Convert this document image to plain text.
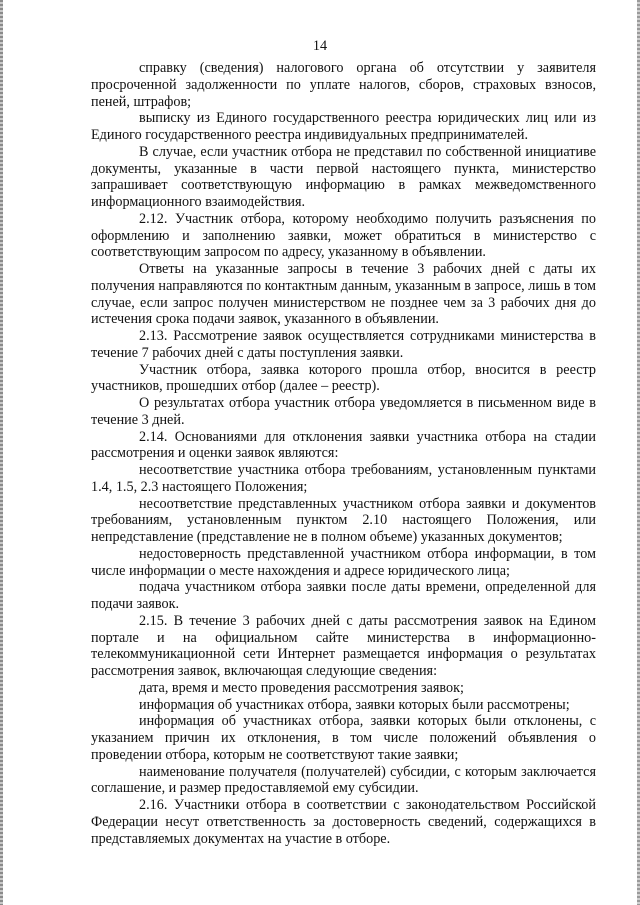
14

справку (сведения) налогового органа об отсутствии у заявителя просроченной задолженности по уплате налогов, сборов, страховых взносов, пеней, штрафов;

выписку из Единого государственного реестра юридических лиц или из Единого государственного реестра индивидуальных предпринимателей.

В случае, если участник отбора не представил по собственной инициативе документы, указанные в части первой настоящего пункта, министерство запрашивает соответствующую информацию в рамках межведомственного информационного взаимодействия.

2.12. Участник отбора, которому необходимо получить разъяснения по оформлению и заполнению заявки, может обратиться в министерство с соответствующим запросом по адресу, указанному в объявлении.

Ответы на указанные запросы в течение 3 рабочих дней с даты их получения направляются по контактным данным, указанным в запросе, лишь в том случае, если запрос получен министерством не позднее чем за 3 рабочих дня до истечения срока подачи заявок, указанного в объявлении.

2.13. Рассмотрение заявок осуществляется сотрудниками министерства в течение 7 рабочих дней с даты поступления заявки.

Участник отбора, заявка которого прошла отбор, вносится в реестр участников, прошедших отбор (далее – реестр).

О результатах отбора участник отбора уведомляется в письменном виде в течение 3 дней.

2.14. Основаниями для отклонения заявки участника отбора на стадии рассмотрения и оценки заявок являются:

несоответствие участника отбора требованиям, установленным пунктами 1.4, 1.5, 2.3 настоящего Положения;

несоответствие представленных участником отбора заявки и документов требованиям, установленным пунктом 2.10 настоящего Положения, или непредставление (представление не в полном объеме) указанных документов;

недостоверность представленной участником отбора информации, в том числе информации о месте нахождения и адресе юридического лица;

подача участником отбора заявки после даты времени, определенной для подачи заявок.

2.15. В течение 3 рабочих дней с даты рассмотрения заявок на Едином портале и на официальном сайте министерства в информационно-телекоммуникационной сети Интернет размещается информация о результатах рассмотрения заявок, включающая следующие сведения:

дата, время и место проведения рассмотрения заявок;

информация об участниках отбора, заявки которых были рассмотрены;

информация об участниках отбора, заявки которых были отклонены, с указанием причин их отклонения, в том числе положений объявления о проведении отбора, которым не соответствуют такие заявки;

наименование получателя (получателей) субсидии, с которым заключается соглашение, и размер предоставляемой ему субсидии.

2.16. Участники отбора в соответствии с законодательством Российской Федерации несут ответственность за достоверность сведений, содержащихся в представляемых документах на участие в отборе.
